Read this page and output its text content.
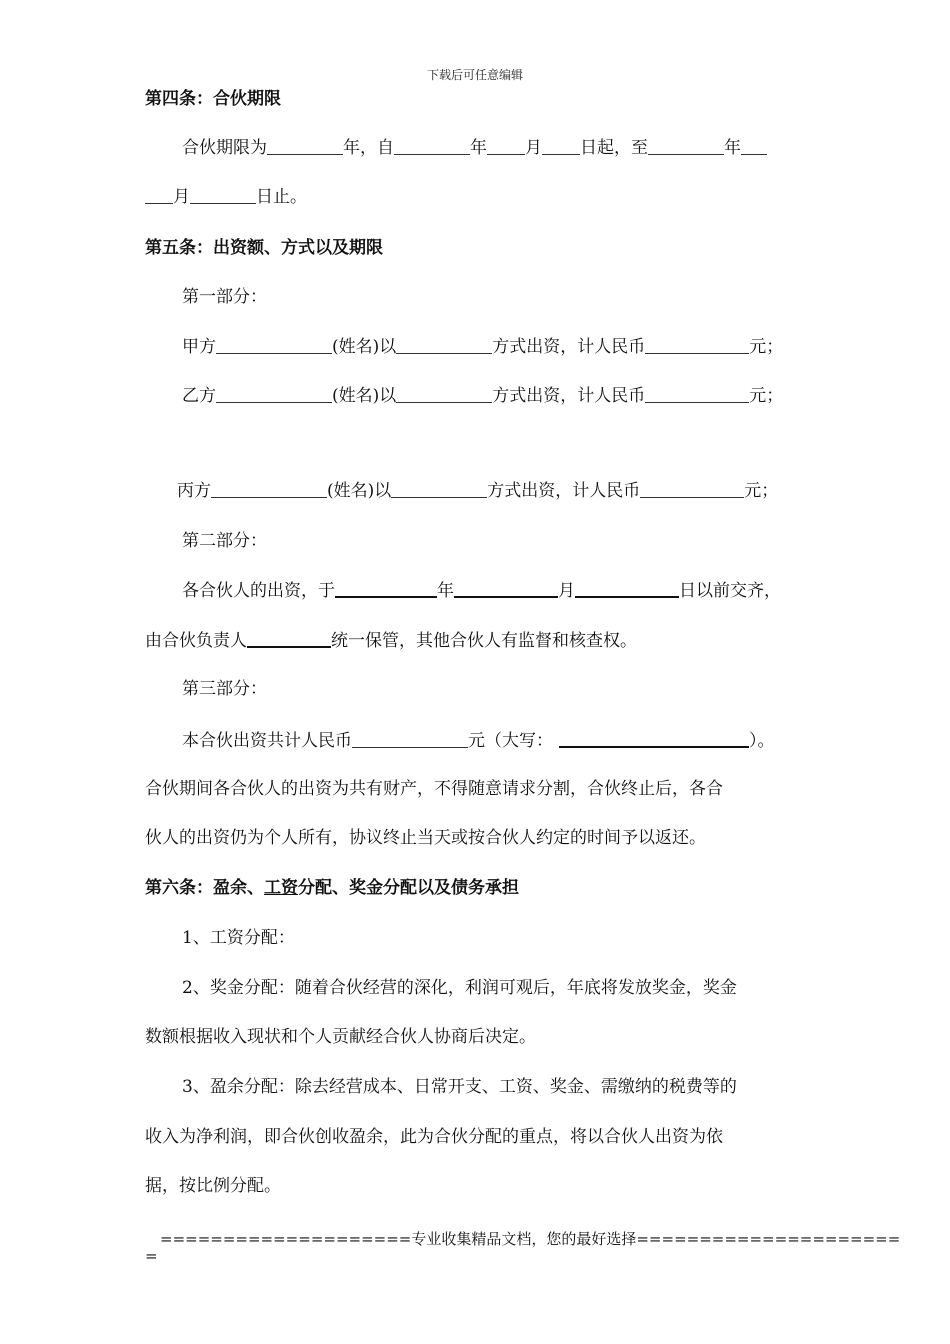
下载后可任意编辑
第四条：合伙期限
合伙期限为	年，自	年 月 日起，至	年
月	日止。
第五条：出资额、方式以及期限
第一部分：
甲方	(姓名)以	方式出资，计人民币	元；
乙方	(姓名)以	方式出资，计人民币	元；
丙方	(姓名)以	方式出资，计人民币	元；
第二部分：
各合伙人的出资，于	年	月	日以前交齐，
由合伙负责人	统一保管，其他合伙人有监督和核查权。
第三部分：
本合伙出资共计人民币	元（大写：	）。
合伙期间各合伙人的出资为共有财产，不得随意请求分割，合伙终止后，各合
伙人的出资仍为个人所有，协议终止当天或按合伙人约定的时间予以返还。
第六条：盈余、工资分配、奖金分配以及债务承担
1、工资分配：
2、奖金分配：随着合伙经营的深化，利润可观后，年底将发放奖金，奖金
数额根据收入现状和个人贡献经合伙人协商后决定。
3、盈余分配：除去经营成本、日常开支、工资、奖金、需缴纳的税费等的
收入为净利润，即合伙创收盈余，此为合伙分配的重点，将以合伙人出资为依
据，按比例分配。
====================专业收集精品文档，您的最好选择=====================
=
